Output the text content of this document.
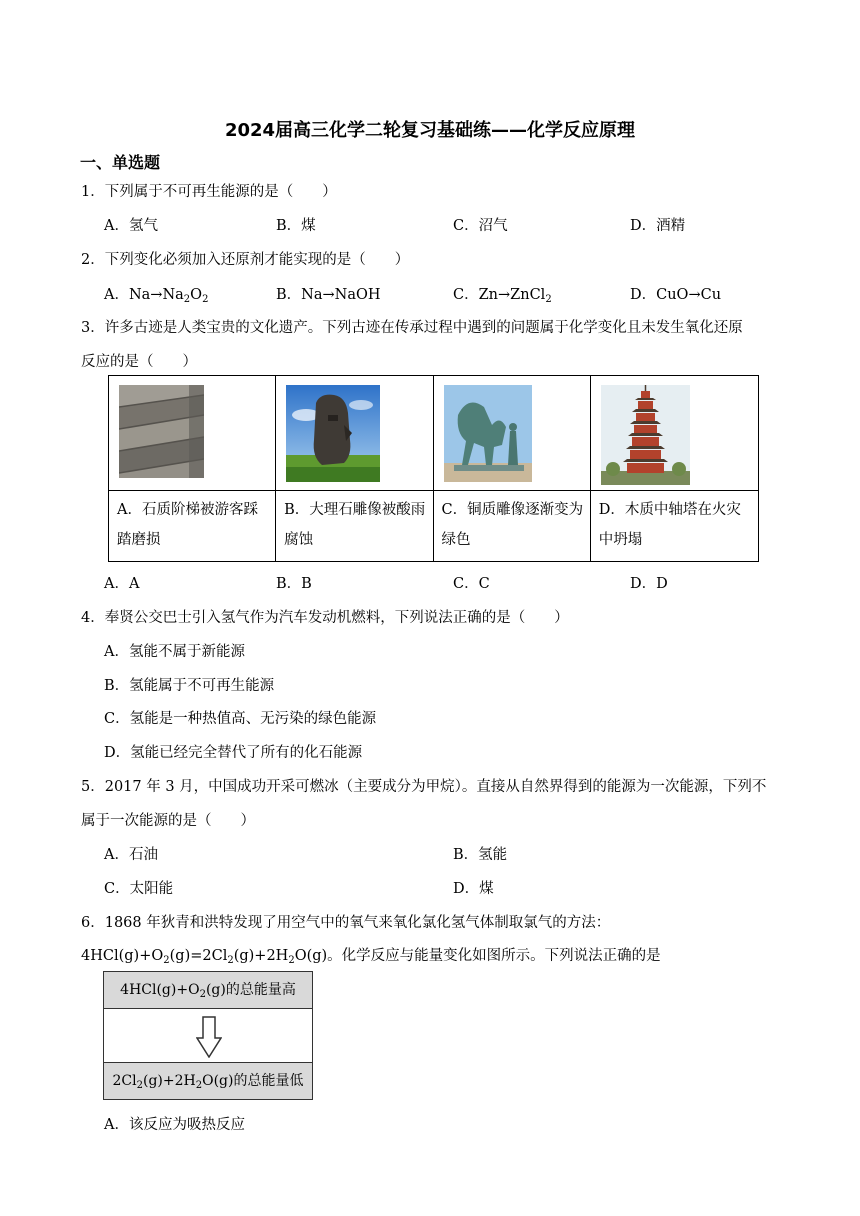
2024届高三化学二轮复习基础练——化学反应原理
一、单选题
1．下列属于不可再生能源的是（　　）
A．氢气	B．煤	C．沼气	D．酒精
2．下列变化必须加入还原剂才能实现的是（　　）
A．$Na\to Na_2O_2$	B．Na→NaOH	C．Zn→ZnCl$_2$	D．CuO→Cu
3．许多古迹是人类宝贵的文化遗产。下列古迹在传承过程中遇到的问题属于化学变化且未发生氧化还原
反应的是（　　）

A．石质阶梯被游客踩踏磨损	B．大理石雕像被酸雨腐蚀	C．铜质雕像逐渐变为绿色	D．木质中轴塔在火灾中坍塌
A．A	B．B	C．C	D．D
4．奉贤公交巴士引入氢气作为汽车发动机燃料，下列说法正确的是（　　）
A．氢能不属于新能源
B．氢能属于不可再生能源
C．氢能是一种热值高、无污染的绿色能源
D．氢能已经完全替代了所有的化石能源
5．2017 年 3 月，中国成功开采可燃冰（主要成分为甲烷）。直接从自然界得到的能源为一次能源，下列不
属于一次能源的是（　　）
A．石油	B．氢能
C．太阳能	D．煤
6．1868 年狄青和洪特发现了用空气中的氧气来氧化氯化氢气体制取氯气的方法：
$4HCl(g)+O_2(g)=2Cl_2(g)+2H_2O(g)$。化学反应与能量变化如图所示。下列说法正确的是
$4HCl(g)+O_2(g)$的总能量高
$2Cl_2(g)+2H_2O(g)$的总能量低
A．该反应为吸热反应
